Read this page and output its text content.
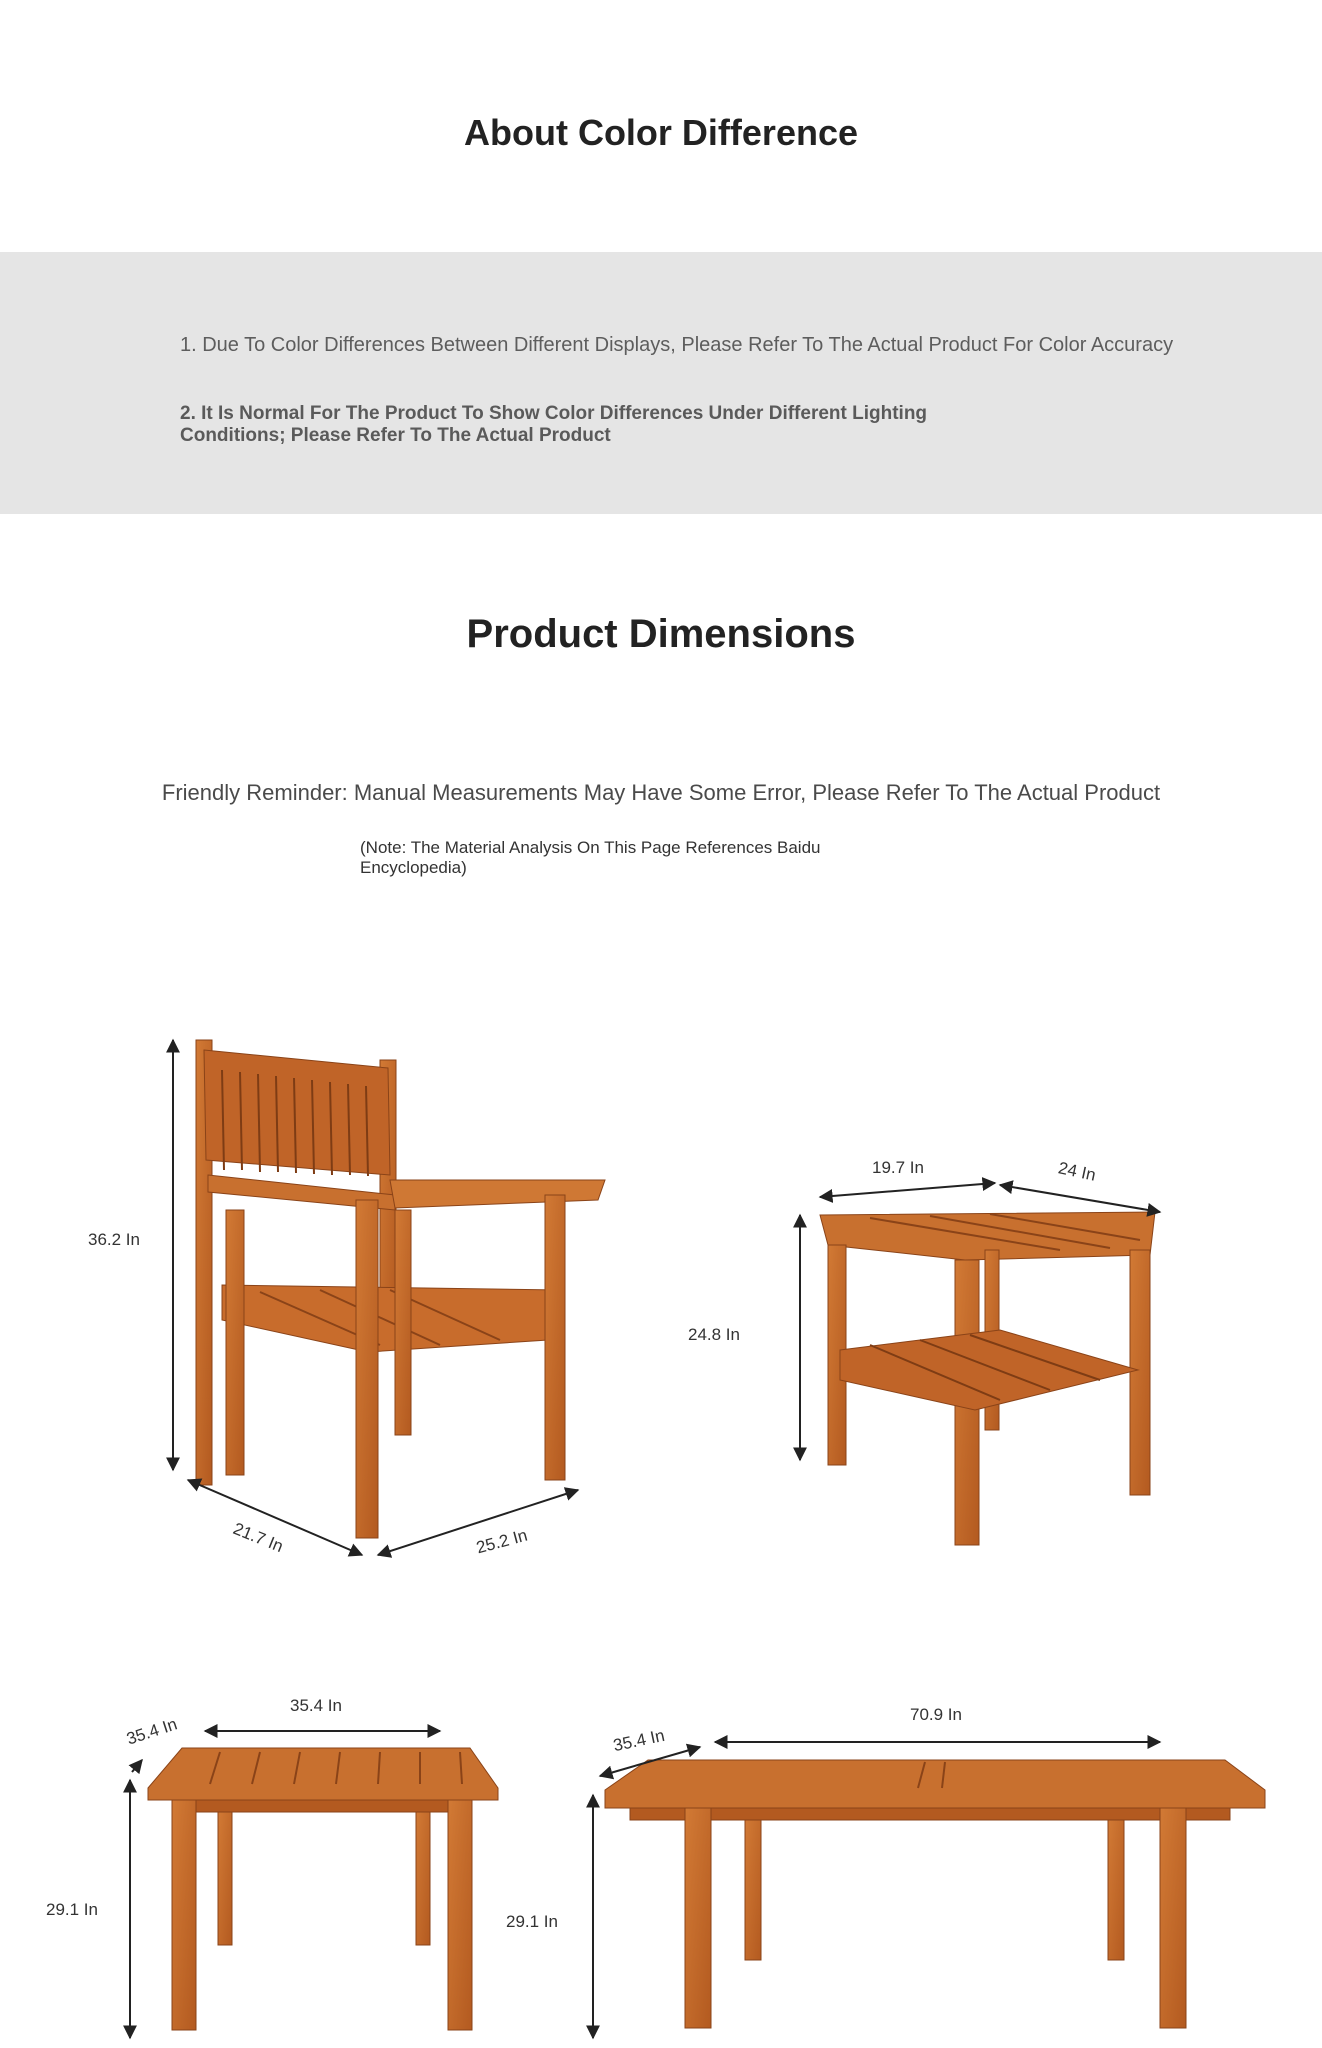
About Color Difference
1. Due To Color Differences Between Different Displays, Please Refer To The Actual Product For Color Accuracy
2. It Is Normal For The Product To Show Color Differences Under Different Lighting Conditions; Please Refer To The Actual Product
Product Dimensions
Friendly Reminder: Manual Measurements May Have Some Error, Please Refer To The Actual Product
(Note: The Material Analysis On This Page References Baidu Encyclopedia)
36.2 In
21.7 In	25.2 In
19.7 In	24 In
24.8 In
35.4 In
35.4 In
29.1 In
35.4 In
70.9 In
29.1 In
